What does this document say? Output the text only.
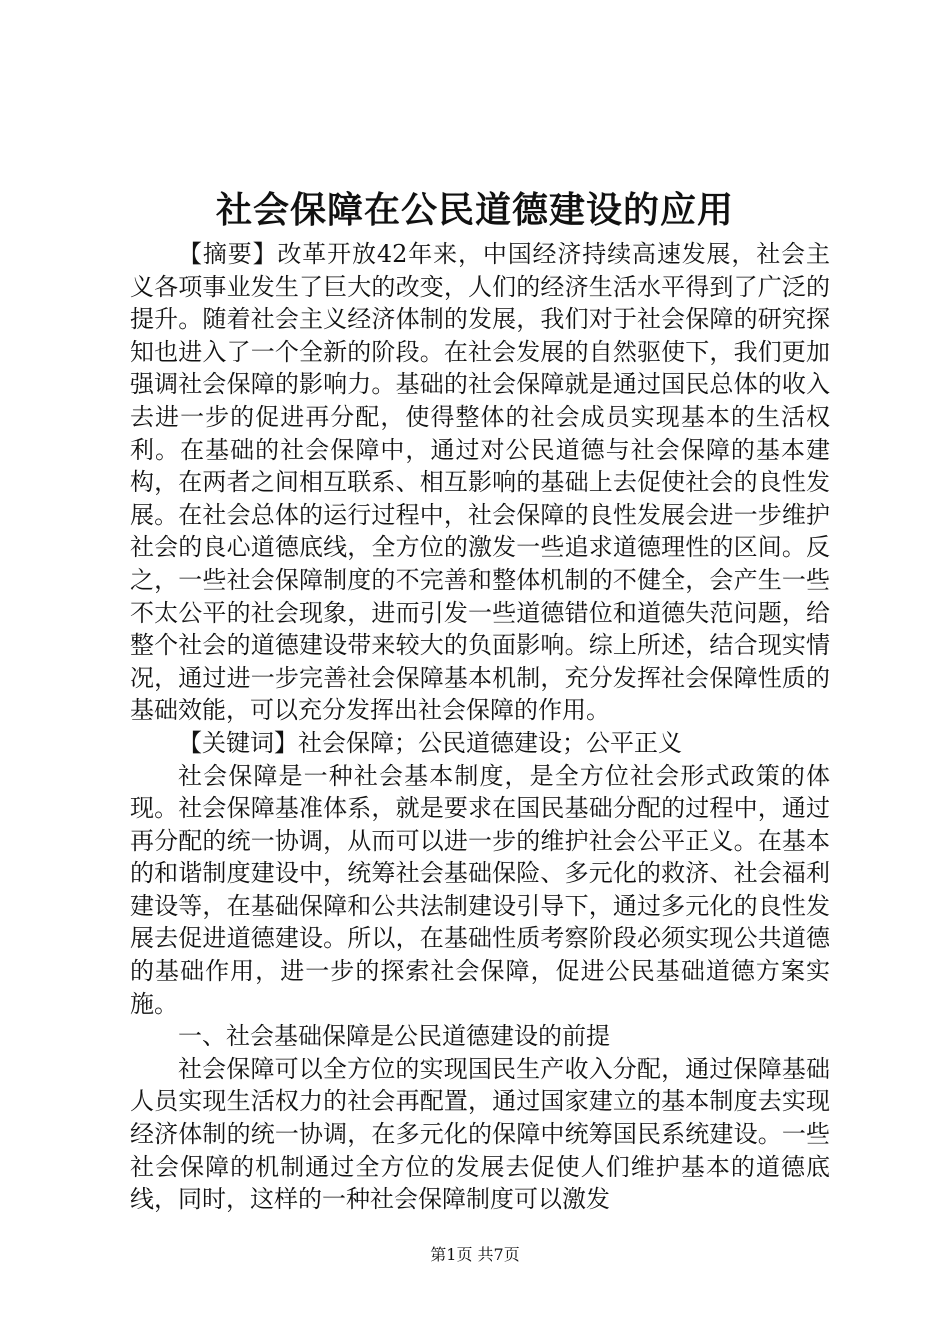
社会保障在公民道德建设的应用

【摘要】改革开放42年来，中国经济持续高速发展，社会主义各项事业发生了巨大的改变，人们的经济生活水平得到了广泛的提升。随着社会主义经济体制的发展，我们对于社会保障的研究探知也进入了一个全新的阶段。在社会发展的自然驱使下，我们更加强调社会保障的影响力。基础的社会保障就是通过国民总体的收入去进一步的促进再分配，使得整体的社会成员实现基本的生活权利。在基础的社会保障中，通过对公民道德与社会保障的基本建构，在两者之间相互联系、相互影响的基础上去促使社会的良性发展。在社会总体的运行过程中，社会保障的良性发展会进一步维护社会的良心道德底线，全方位的激发一些追求道德理性的区间。反之，一些社会保障制度的不完善和整体机制的不健全，会产生一些不太公平的社会现象，进而引发一些道德错位和道德失范问题，给整个社会的道德建设带来较大的负面影响。综上所述，结合现实情况，通过进一步完善社会保障基本机制，充分发挥社会保障性质的基础效能，可以充分发挥出社会保障的作用。

【关键词】社会保障；公民道德建设；公平正义

社会保障是一种社会基本制度，是全方位社会形式政策的体现。社会保障基准体系，就是要求在国民基础分配的过程中，通过再分配的统一协调，从而可以进一步的维护社会公平正义。在基本的和谐制度建设中，统筹社会基础保险、多元化的救济、社会福利建设等，在基础保障和公共法制建设引导下，通过多元化的良性发展去促进道德建设。所以，在基础性质考察阶段必须实现公共道德的基础作用，进一步的探索社会保障，促进公民基础道德方案实施。

一、社会基础保障是公民道德建设的前提

社会保障可以全方位的实现国民生产收入分配，通过保障基础人员实现生活权力的社会再配置，通过国家建立的基本制度去实现经济体制的统一协调，在多元化的保障中统筹国民系统建设。一些社会保障的机制通过全方位的发展去促使人们维护基本的道德底线，同时，这样的一种社会保障制度可以激发

第1页 共7页
